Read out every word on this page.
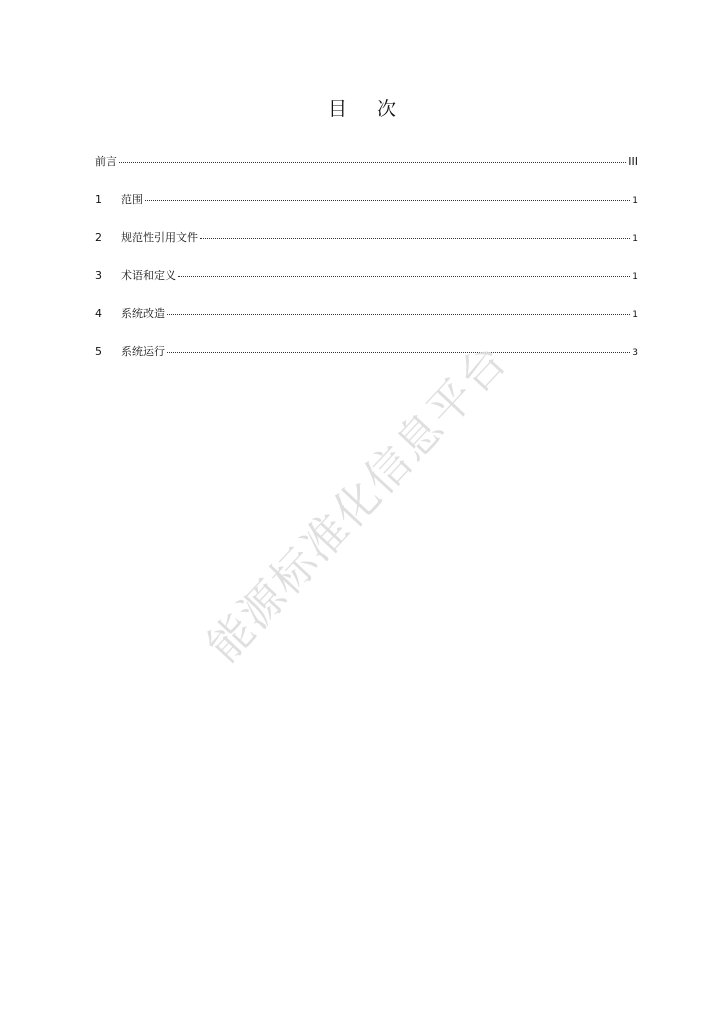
目 次
前言	III
1	范围	1
2	规范性引用文件	1
3	术语和定义	1
4	系统改造	1
5	系统运行	3
能源标准化信息平台
